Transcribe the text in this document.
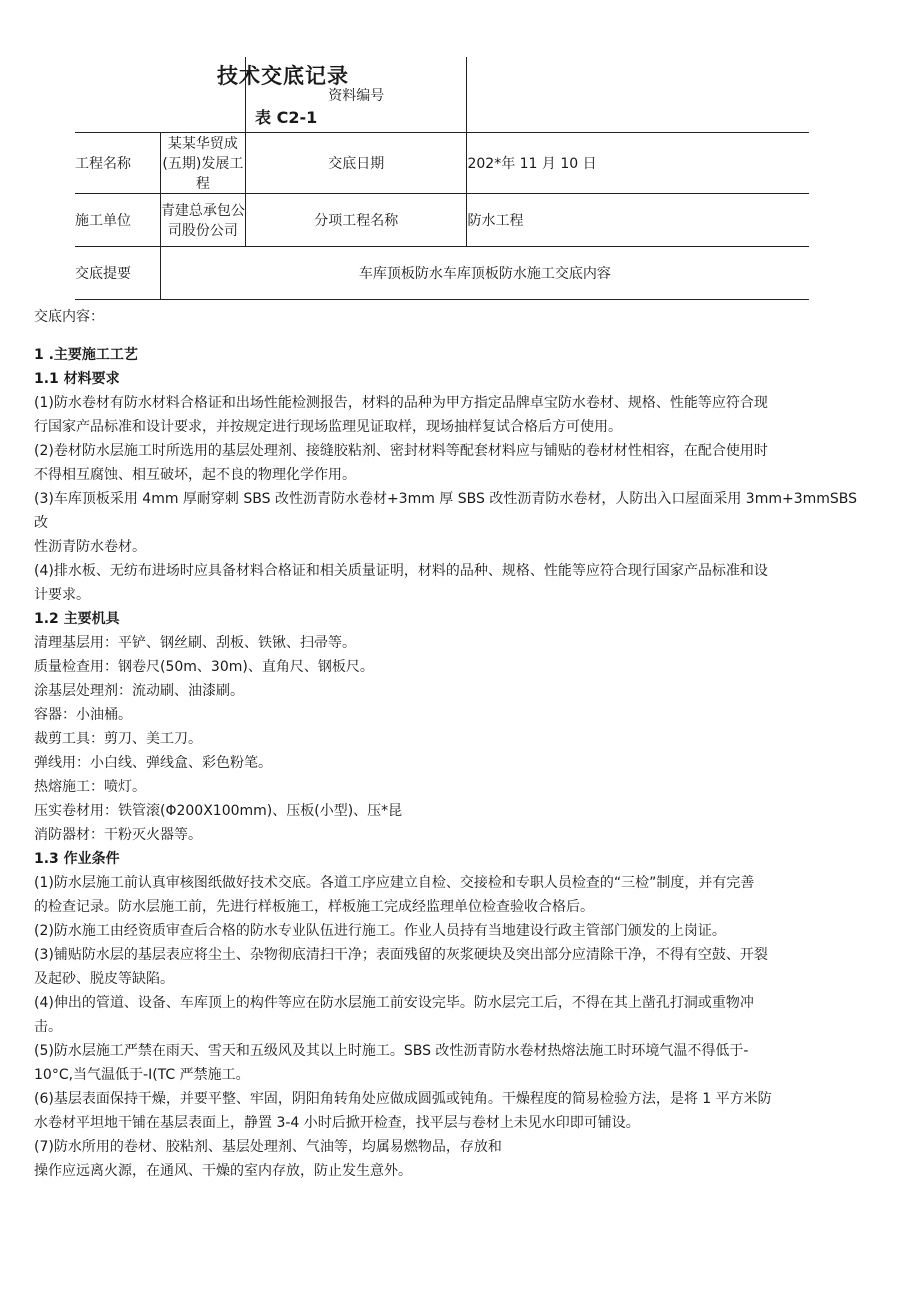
技术交底记录
表 C2-1		资料编号	
工程名称	某某华贸成(五期)发展工程	交底日期	202*年 11 月 10 日
施工单位	青建总承包公司股份公司	分项工程名称	防水工程
交底提要	车库顶板防水车库顶板防水施工交底内容		

交底内容：

1 .主要施工工艺

1.1 材料要求

(1)防水卷材有防水材料合格证和出场性能检测报告，材料的品种为甲方指定品牌卓宝防水卷材、规格、性能等应符合现

行国家产品标准和设计要求，并按规定进行现场监理见证取样，现场抽样复试合格后方可使用。

(2)卷材防水层施工时所选用的基层处理剂、接缝胶粘剂、密封材料等配套材料应与铺贴的卷材材性相容，在配合使用时

不得相互腐蚀、相互破坏，起不良的物理化学作用。

(3)车库顶板采用 4mm 厚耐穿刺 SBS 改性沥青防水卷材+3mm 厚 SBS 改性沥青防水卷材，人防出入口屋面采用 3mm+3mmSBS 改

性沥青防水卷材。

(4)排水板、无纺布进场时应具备材料合格证和相关质量证明，材料的品种、规格、性能等应符合现行国家产品标准和设

计要求。

1.2 主要机具

清理基层用：平铲、钢丝刷、刮板、铁锹、扫帚等。

质量检查用：钢卷尺(50m、30m)、直角尺、钢板尺。

涂基层处理剂：流动刷、油漆刷。

容器：小油桶。

裁剪工具：剪刀、美工刀。

弹线用：小白线、弹线盒、彩色粉笔。

热熔施工：喷灯。

压实卷材用：铁管滚(Φ200X100mm)、压板(小型)、压*昆

消防器材：干粉灭火器等。

1.3 作业条件

(1)防水层施工前认真审核图纸做好技术交底。各道工序应建立自检、交接检和专职人员检查的“三检”制度，并有完善

的检查记录。防水层施工前，先进行样板施工，样板施工完成经监理单位检查验收合格后。

(2)防水施工由经资质审查后合格的防水专业队伍进行施工。作业人员持有当地建设行政主管部门颁发的上岗证。

(3)铺贴防水层的基层表应将尘土、杂物彻底清扫干净；表面残留的灰浆硬块及突出部分应清除干净，不得有空鼓、开裂

及起砂、脱皮等缺陷。

(4)伸出的管道、设备、车库顶上的构件等应在防水层施工前安设完毕。防水层完工后，不得在其上凿孔打洞或重物冲

击。

(5)防水层施工严禁在雨天、雪天和五级风及其以上时施工。SBS 改性沥青防水卷材热熔法施工时环境气温不得低于-

10°C,当气温低于-I(TC 严禁施工。

(6)基层表面保持干燥，并要平整、牢固，阴阳角转角处应做成圆弧或钝角。干燥程度的简易检验方法，是将 1 平方米防

水卷材平坦地干铺在基层表面上，静置 3-4 小时后掀开检查，找平层与卷材上未见水印即可铺设。

(7)防水所用的卷材、胶粘剂、基层处理剂、气油等，均属易燃物品，存放和

操作应远离火源，在通风、干燥的室内存放，防止发生意外。
